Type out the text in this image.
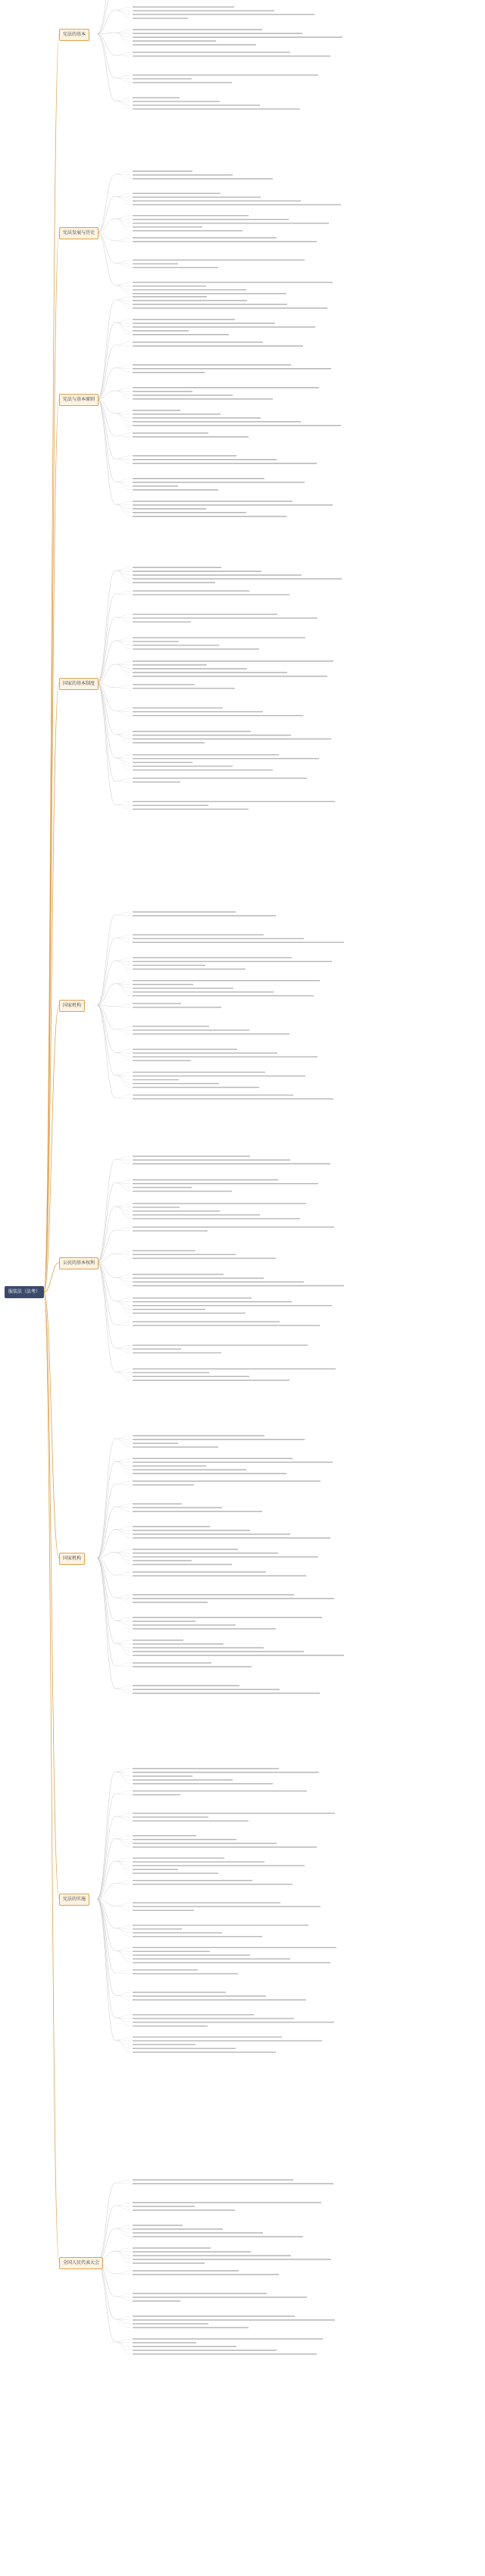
服装法（法考）
宪法的基本
宪法发展与历史
宪法与基本原则
国家的基本制度
国家机构
公民的基本权利
国家机构
宪法的实施
全国人民代表大会
